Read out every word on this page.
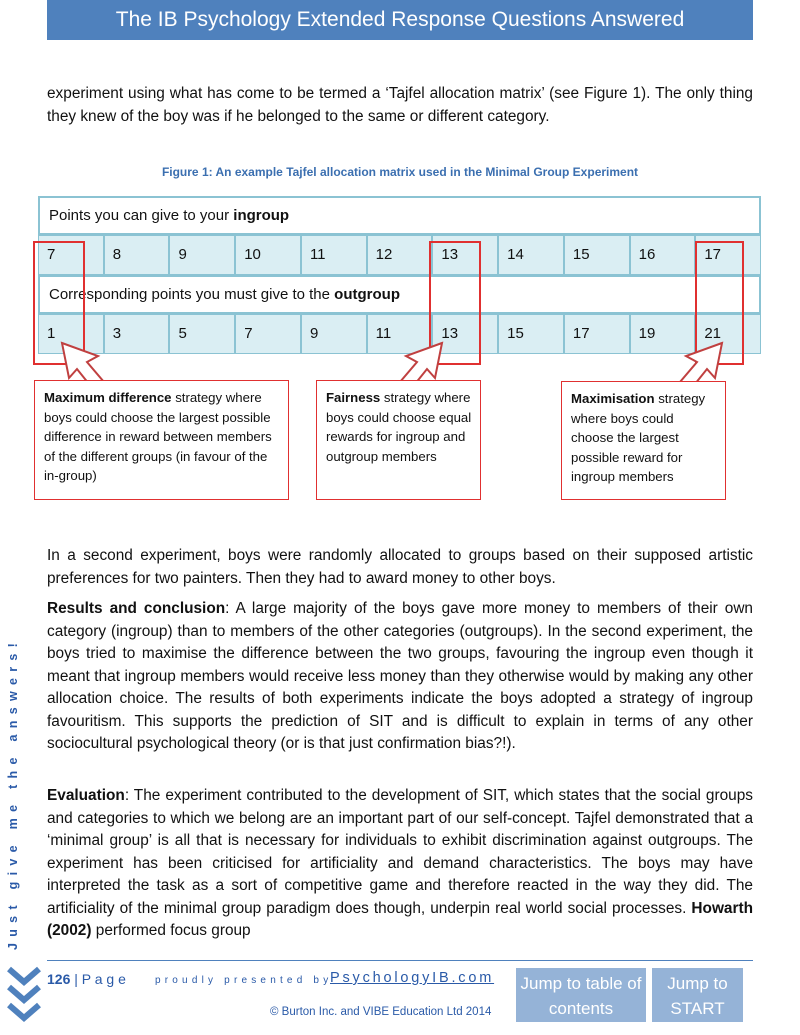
The IB Psychology Extended Response Questions Answered

experiment using what has come to be termed a ‘Tajfel allocation matrix’ (see Figure 1). The only thing they knew of the boy was if he belonged to the same or different category.

Figure 1: An example Tajfel allocation matrix used in the Minimal Group Experiment
Points you can give to your ingroup
7	8	9	10	11	12	13	14	15	16	17
Corresponding points you must give to the outgroup
1	3	5	7	9	11	13	15	17	19	21
Maximum difference strategy where boys could choose the largest possible difference in reward between members of the different groups (in favour of the in-group)
Fairness strategy where boys could choose equal rewards for ingroup and outgroup members
Maximisation strategy where boys could choose the largest possible reward for ingroup members

In a second experiment, boys were randomly allocated to groups based on their supposed artistic preferences for two painters. Then they had to award money to other boys.

Results and conclusion: A large majority of the boys gave more money to members of their own category (ingroup) than to members of the other categories (outgroups). In the second experiment, the boys tried to maximise the difference between the two groups, favouring the ingroup even though it meant that ingroup members would receive less money than they otherwise would by making any other allocation choice. The results of both experiments indicate the boys adopted a strategy of ingroup favouritism. This supports the prediction of SIT and is difficult to explain in terms of any other sociocultural psychological theory (or is that just confirmation bias?!).

Evaluation: The experiment contributed to the development of SIT, which states that the social groups and categories to which we belong are an important part of our self-concept. Tajfel demonstrated that a ‘minimal group’ is all that is necessary for individuals to exhibit discrimination against outgroups. The experiment has been criticised for artificiality and demand characteristics. The boys may have interpreted the task as a sort of competitive game and therefore reacted in the way they did. The artificiality of the minimal group paradigm does though, underpin real world social processes. Howarth (2002) performed focus group

Just give me the answers!
126 | P a g e	proudly presented by
PsychologyIB.com
© Burton Inc. and VIBE Education Ltd 2014
Jump to table of contents
Jump to START
